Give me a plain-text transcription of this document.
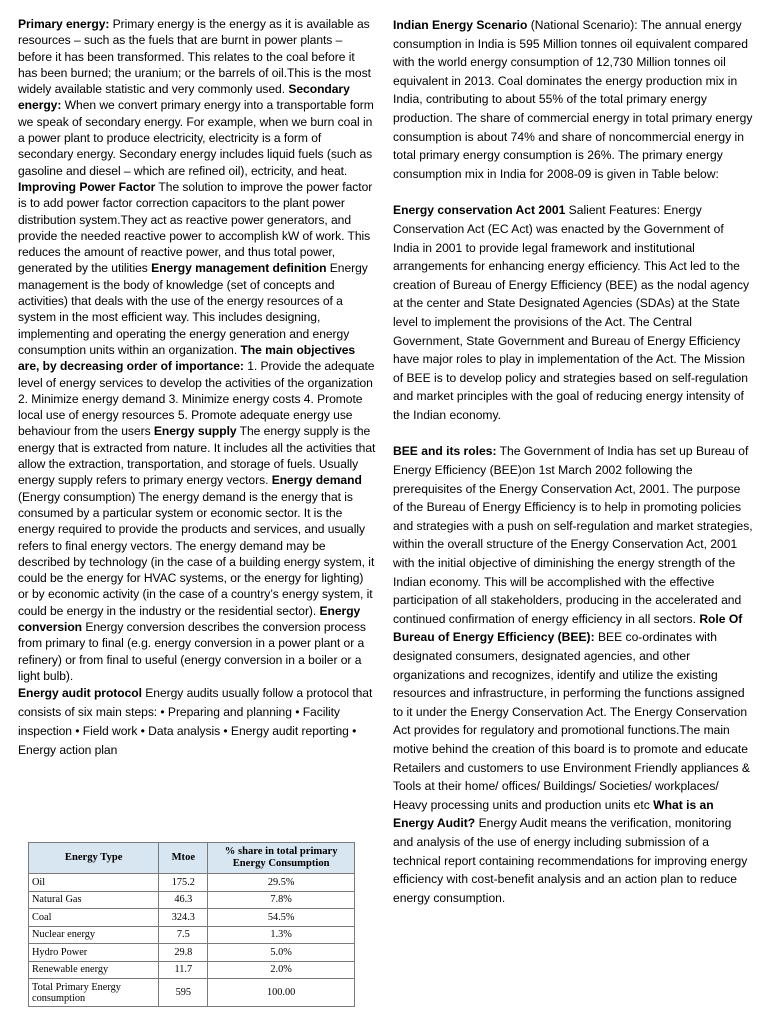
Primary energy: Primary energy is the energy as it is available as resources – such as the fuels that are burnt in power plants – before it has been transformed. This relates to the coal before it has been burned; the uranium; or the barrels of oil.This is the most widely available statistic and very commonly used. Secondary energy: When we convert primary energy into a transportable form we speak of secondary energy. For example, when we burn coal in a power plant to produce electricity, electricity is a form of secondary energy. Secondary energy includes liquid fuels (such as gasoline and diesel – which are refined oil), ectricity, and heat. Improving Power Factor The solution to improve the power factor is to add power factor correction capacitors to the plant power distribution system.They act as reactive power generators, and provide the needed reactive power to accomplish kW of work. This reduces the amount of reactive power, and thus total power, generated by the utilities Energy management definition Energy management is the body of knowledge (set of concepts and activities) that deals with the use of the energy resources of a system in the most efficient way. This includes designing, implementing and operating the energy generation and energy consumption units within an organization. The main objectives are, by decreasing order of importance: 1. Provide the adequate level of energy services to develop the activities of the organization 2. Minimize energy demand 3. Minimize energy costs 4. Promote local use of energy resources 5. Promote adequate energy use behaviour from the users Energy supply The energy supply is the energy that is extracted from nature. It includes all the activities that allow the extraction, transportation, and storage of fuels. Usually energy supply refers to primary energy vectors. Energy demand (Energy consumption) The energy demand is the energy that is consumed by a particular system or economic sector. It is the energy required to provide the products and services, and usually refers to final energy vectors. The energy demand may be described by technology (in the case of a building energy system, it could be the energy for HVAC systems, or the energy for lighting) or by economic activity (in the case of a country’s energy system, it could be energy in the industry or the residential sector). Energy conversion Energy conversion describes the conversion process from primary to final (e.g. energy conversion in a power plant or a refinery) or from final to useful (energy conversion in a boiler or a light bulb).

Energy audit protocol Energy audits usually follow a protocol that consists of six main steps: • Preparing and planning • Facility inspection • Field work • Data analysis • Energy audit reporting • Energy action plan

Energy Type	Mtoe	% share in total primary Energy Consumption
Oil	175.2	29.5%
Natural Gas	46.3	7.8%
Coal	324.3	54.5%
Nuclear energy	7.5	1.3%
Hydro Power	29.8	5.0%
Renewable energy	11.7	2.0%
Total Primary Energy consumption	595	100.00

Indian Energy Scenario (National Scenario): The annual energy consumption in India is 595 Million tonnes oil equivalent compared with the world energy consumption of 12,730 Million tonnes oil equivalent in 2013. Coal dominates the energy production mix in India, contributing to about 55% of the total primary energy production. The share of commercial energy in total primary energy consumption is about 74% and share of noncommercial energy in total primary energy consumption is 26%. The primary energy consumption mix in India for 2008-09 is given in Table below:

Energy conservation Act 2001 Salient Features: Energy Conservation Act (EC Act) was enacted by the Government of India in 2001 to provide legal framework and institutional arrangements for enhancing energy efficiency. This Act led to the creation of Bureau of Energy Efficiency (BEE) as the nodal agency at the center and State Designated Agencies (SDAs) at the State level to implement the provisions of the Act. The Central Government, State Government and Bureau of Energy Efficiency have major roles to play in implementation of the Act. The Mission of BEE is to develop policy and strategies based on self-regulation and market principles with the goal of reducing energy intensity of the Indian economy.

BEE and its roles: The Government of India has set up Bureau of Energy Efficiency (BEE)on 1st March 2002 following the prerequisites of the Energy Conservation Act, 2001. The purpose of the Bureau of Energy Efficiency is to help in promoting policies and strategies with a push on self-regulation and market strategies, within the overall structure of the Energy Conservation Act, 2001 with the initial objective of diminishing the energy strength of the Indian economy. This will be accomplished with the effective participation of all stakeholders, producing in the accelerated and continued confirmation of energy efficiency in all sectors. Role Of Bureau of Energy Efficiency (BEE): BEE co-ordinates with designated consumers, designated agencies, and other organizations and recognizes, identify and utilize the existing resources and infrastructure, in performing the functions assigned to it under the Energy Conservation Act. The Energy Conservation Act provides for regulatory and promotional functions.The main motive behind the creation of this board is to promote and educate Retailers and customers to use Environment Friendly appliances & Tools at their home/ offices/ Buildings/ Societies/ workplaces/ Heavy processing units and production units etc What is an Energy Audit? Energy Audit means the verification, monitoring and analysis of the use of energy including submission of a technical report containing recommendations for improving energy efficiency with cost-benefit analysis and an action plan to reduce energy consumption.
